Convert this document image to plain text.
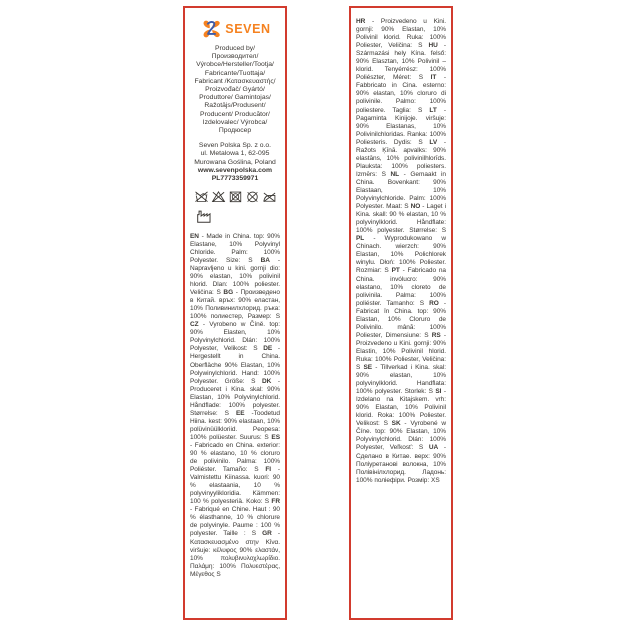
SEVEN
Produced by/
Производител/
Výrobce/Hersteller/Tootja/
Fabricante/Tuottaja/
Fabricant /Κατασκευαστής/
Proizvođač/ Gyártó/
Produttore/ Gamintojas/
Ražotājs/Produsent/
Producent/ Producător/
Izdelovalec/ Výrobca/
Продюсер
Seven Polska Sp. z o.o.
ul. Metalowa 1, 62-095
Murowana Goślina, Poland
www.sevenpolska.com
PL7773359971

EN - Made in China. top: 90% Elastane, 10% Polyvinyl Chloride. Palm: 100% Polyester. Size: S BA - Napravljeno u kini. gornji dio: 90% elastan, 10% polivinil hlorid. Dlan: 100% poliester. Veličina: S BG - Произведено в Китай. връх: 90% еластан, 10% Поливинилхлорид. ръка: 100% полиестер, Размер: S CZ - Vyrobeno w Číně. top: 90% Elasten, 10% Polyvinylchlorid. Dlán: 100% Polyester, Velikost: S DE - Hergestellt in China. Oberfläche 90% Elastan, 10% Polywinylchlorid. Hand: 100% Polyester. Größe: S DK - Produceret i Kina. skal: 90% Elastan, 10% Polyvinylchlorid. Håndflade: 100% polyester. Størrelse: S EE -Toodetud Hiina. kest: 90% elastaan, 10% polüvinüülkloriid. Peopesa: 100% polüester. Suurus: S ES - Fabricado en China. exterior: 90 % elastano, 10 % cloruro de polivinilo. Palma: 100% Poliéster. Tamaño: S FI - Valmistettu Kiinassa. kuori: 90 % elastaania, 10 % polyvinyylikloridia. Kämmen: 100 % polyesteriä. Koko: S FR - Fabriqué en Chine. Haut : 90 % élasthanne, 10 % chlorure de polyvinyle. Paume : 100 % polyester. Taille : S GR - Κατασκευασμένο στην Κίνα. viršuje: κέλυφος 90% ελαστάν, 10% πολυβινυλοχλωρίδιο. Παλάμη: 100% Πολυεστέρας, Μέγεθος S

HR - Proizvedeno u Kini. gornji: 90% Elastan, 10% Polivinil klorid. Ruka: 100% Poliester, Veličina: S HU - Származási hely Kína. felső: 90% Elasztan, 10% Polivinil – klorid. Tenyérrész: 100% Poliészter, Méret: S IT - Fabbricato in Cina. esterno: 90% elastan, 10% cloruro di polivinile. Palmo: 100% poliestere. Taglia: S LT - Pagaminta Kinijoje. viršuje: 90% Elastanas, 10% Polivinilchloridas. Ranka: 100% Poliesteris. Dydis: S LV - Ražots Ķīnā. apvalks: 90% elastāns, 10% polivinilhlorīds. Plauksta: 100% poliesters. Izmērs: S NL - Gemaakt in China. Bovenkant: 90% Elastaan, 10% Polyvinylchloride. Palm: 100% Polyester. Maat: S NO - Laget i Kina. skall: 90 % elastan, 10 % polyvinylklorid. Håndflate: 100% polyester. Størrelse: S PL - Wyprodukowano w Chinach. wierzch: 90% Elastan, 10% Polichlorek winylu. Dłoń: 100% Poliester. Rozmiar: S PT - Fabricado na China. invólucro: 90% elastano, 10% cloreto de polivinila. Palma: 100% poliéster. Tamanho: S RO - Fabricat în China. top: 90% Elastan, 10% Cloruro de Polivinilo. mână: 100% Poliester, Dimensiune: S RS - Proizvedeno u Kini. gornji: 90% Elastin, 10% Polivinil hlorid. Ruka: 100% Poliester, Veličina: S SE - Tillverkad i Kina. skal: 90% elastan, 10% polyvinylklorid. Handflata: 100% polyester. Storlek: S SI - Izdelano na Kitajskem. vrh: 90% Elastan, 10% Polivinil klorid. Roka: 100% Poliester. Velikost: S SK - Vyrobené w Číne. top: 90% Elastan, 10% Polyvinylchlorid. Dlán: 100% Polyester, Veľkosť: S UA - Сделано в Китае. верх: 90% Поліуретанові волокна, 10% Полівінілхлорид. Ладонь: 100% поліефіри. Розмір: XS
